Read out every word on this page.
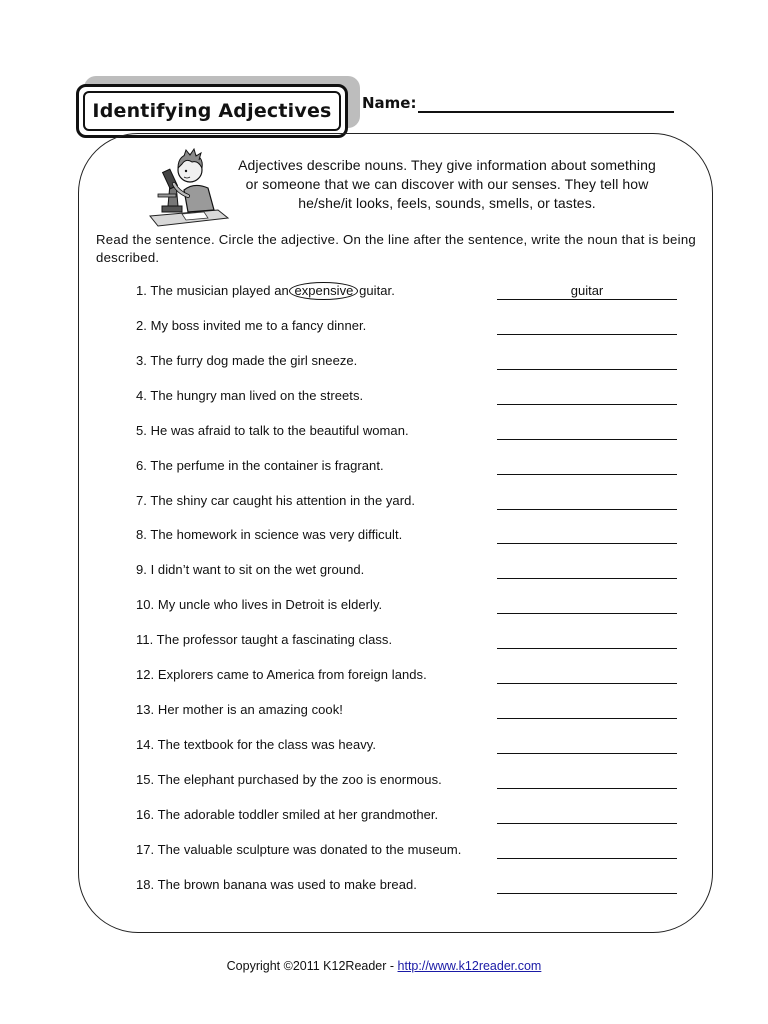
Identifying Adjectives Name:
Adjectives describe nouns. They give information about something or someone that we can discover with our senses. They tell how he/she/it looks, feels, sounds, smells, or tastes.
Read the sentence. Circle the adjective. On the line after the sentence, write the noun that is being described.
1. The musician played an expensive guitar.	guitar
2. My boss invited me to a fancy dinner.
3. The furry dog made the girl sneeze.
4. The hungry man lived on the streets.
5. He was afraid to talk to the beautiful woman.
6. The perfume in the container is fragrant.
7. The shiny car caught his attention in the yard.
8. The homework in science was very difficult.
9. I didn’t want to sit on the wet ground.
10. My uncle who lives in Detroit is elderly.
11. The professor taught a fascinating class.
12. Explorers came to America from foreign lands.
13. Her mother is an amazing cook!
14. The textbook for the class was heavy.
15. The elephant purchased by the zoo is enormous.
16. The adorable toddler smiled at her grandmother.
17. The valuable sculpture was donated to the museum.
18. The brown banana was used to make bread.
Copyright ©2011 K12Reader - http://www.k12reader.com
